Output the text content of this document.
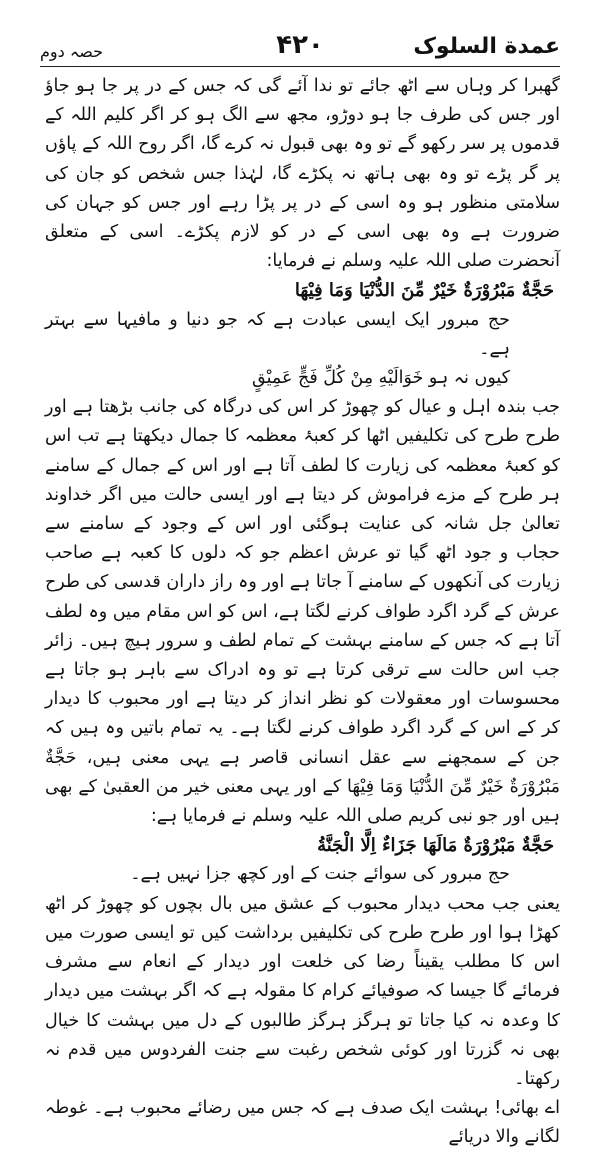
عمدة السلوک
۴۲۰
حصہ دوم

گھبرا کر وہاں سے اٹھ جائے تو ندا آئے گی کہ جس کے در پر جا ہو جاؤ اور جس کی طرف جا ہو دوڑو، مجھ سے الگ ہو کر اگر کلیم اللہ کے قدموں پر سر رکھو گے تو وہ بھی قبول نہ کرے گا، اگر روح اللہ کے پاؤں پر گر پڑے تو وہ بھی ہاتھ نہ پکڑے گا، لہٰذا جس شخص کو جان کی سلامتی منظور ہو وہ اسی کے در پر پڑا رہے اور جس کو جہان کی ضرورت ہے وہ بھی اسی کے در کو لازم پکڑے۔ اسی کے متعلق آنحضرت صلی اللہ علیہ وسلم نے فرمایا:

حَجَّةٌ مَبْرُوْرَةٌ خَيْرٌ مِّنَ الدُّنْيَا وَمَا فِيْهَا

حج مبرور ایک ایسی عبادت ہے کہ جو دنیا و مافیہا سے بہتر ہے۔

کیوں نہ ہو خَوَالَيْهِ مِنْ كُلِّ فَجٍّ عَمِيْقٍ

جب بندہ اہل و عیال کو چھوڑ کر اس کی درگاہ کی جانب بڑھتا ہے اور طرح طرح کی تکلیفیں اٹھا کر کعبۂ معظمہ کا جمال دیکھتا ہے تب اس کو کعبۂ معظمہ کی زیارت کا لطف آتا ہے اور اس کے جمال کے سامنے ہر طرح کے مزے فراموش کر دیتا ہے اور ایسی حالت میں اگر خداوند تعالیٰ جل شانہ کی عنایت ہوگئی اور اس کے وجود کے سامنے سے حجاب و جود اٹھ گیا تو عرش اعظم جو کہ دلوں کا کعبہ ہے صاحب زیارت کی آنکھوں کے سامنے آ جاتا ہے اور وہ راز داران قدسی کی طرح عرش کے گرد اگرد طواف کرنے لگتا ہے، اس کو اس مقام میں وہ لطف آتا ہے کہ جس کے سامنے بہشت کے تمام لطف و سرور ہیچ ہیں۔ زائر جب اس حالت سے ترقی کرتا ہے تو وہ ادراک سے باہر ہو جاتا ہے محسوسات اور معقولات کو نظر انداز کر دیتا ہے اور محبوب کا دیدار کر کے اس کے گرد اگرد طواف کرنے لگتا ہے۔ یہ تمام باتیں وہ ہیں کہ جن کے سمجھنے سے عقل انسانی قاصر ہے یہی معنی ہیں، حَجَّةٌ مَبْرُوْرَةٌ خَيْرٌ مِّنَ الدُّنْيَا وَمَا فِيْهَا کے اور یہی معنی خیر من العقبیٰ کے بھی ہیں اور جو نبی کریم صلی اللہ علیہ وسلم نے فرمایا ہے:

حَجَّةٌ مَبْرُوْرَةٌ مَالَهَا جَزَاءٌ اِلَّا الْجَنَّةُ

حج مبرور کی سوائے جنت کے اور کچھ جزا نہیں ہے۔

یعنی جب محب دیدار محبوب کے عشق میں بال بچوں کو چھوڑ کر اٹھ کھڑا ہوا اور طرح طرح کی تکلیفیں برداشت کیں تو ایسی صورت میں اس کا مطلب یقیناً رضا کی خلعت اور دیدار کے انعام سے مشرف فرمائے گا جیسا کہ صوفیائے کرام کا مقولہ ہے کہ اگر بہشت میں دیدار کا وعدہ نہ کیا جاتا تو ہرگز ہرگز طالبوں کے دل میں بہشت کا خیال بھی نہ گزرتا اور کوئی شخص رغبت سے جنت الفردوس میں قدم نہ رکھتا۔

اے بھائی! بہشت ایک صدف ہے کہ جس میں رضائے محبوب ہے۔ غوطہ لگانے والا دریائے
